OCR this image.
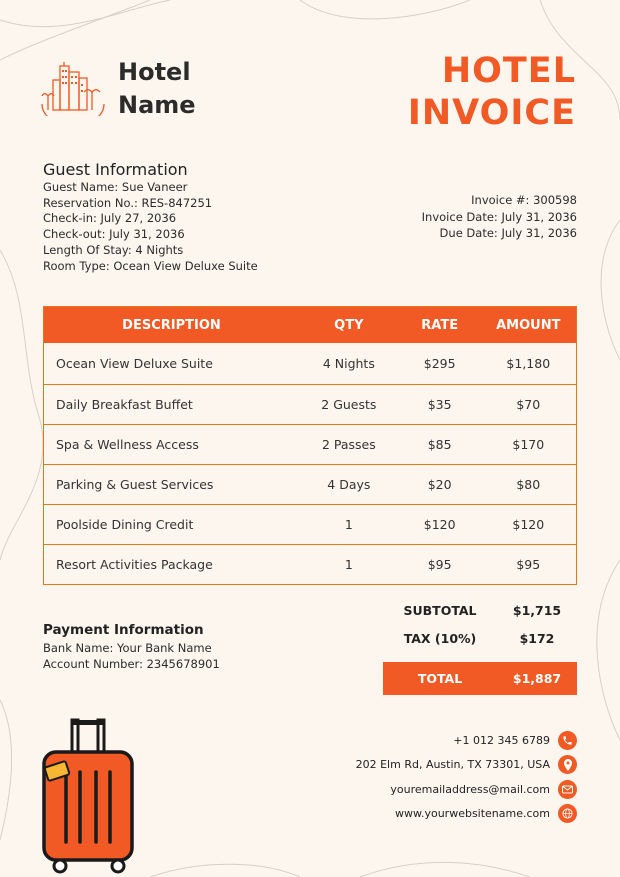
Hotel
Name
HOTEL
INVOICE
Guest Information
Guest Name: Sue Vaneer
Reservation No.: RES-847251
Check-in: July 27, 2036
Check-out: July 31, 2036
Length Of Stay: 4 Nights
Room Type: Ocean View Deluxe Suite
Invoice #: 300598
Invoice Date: July 31, 2036
Due Date: July 31, 2036
DESCRIPTION	QTY	RATE	AMOUNT
Ocean View Deluxe Suite	4 Nights	$295	$1,180
Daily Breakfast Buffet	2 Guests	$35	$70
Spa & Wellness Access	2 Passes	$85	$170
Parking & Guest Services	4 Days	$20	$80
Poolside Dining Credit	1	$120	$120
Resort Activities Package	1	$95	$95
SUBTOTAL	$1,715
TAX (10%)	$172
TOTAL	$1,887
Payment Information
Bank Name: Your Bank Name
Account Number: 2345678901
+1 012 345 6789
202 Elm Rd, Austin, TX 73301, USA
youremailaddress@mail.com
www.yourwebsitename.com
